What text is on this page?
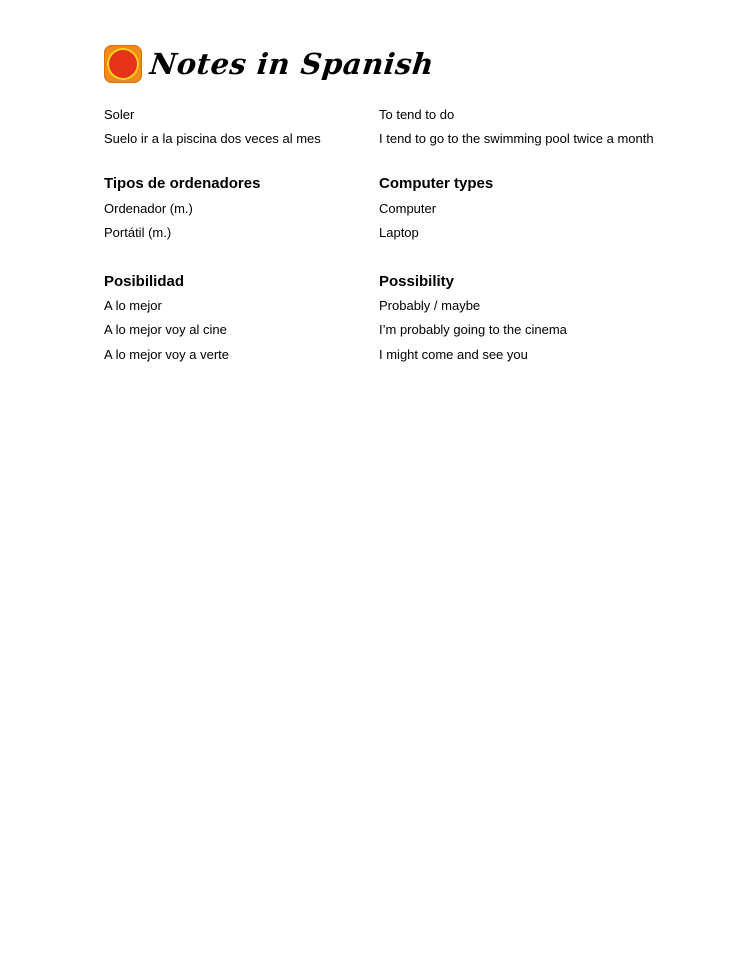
Notes in Spanish
Soler	To tend to do
Suelo ir a la piscina dos veces al mes	I tend to go to the swimming pool twice a month
Tipos de ordenadores	Computer types
Ordenador (m.)	Computer
Portátil (m.)	Laptop
Posibilidad	Possibility
A lo mejor	Probably / maybe
A lo mejor voy al cine	I’m probably going to the cinema
A lo mejor voy a verte	I might come and see you
